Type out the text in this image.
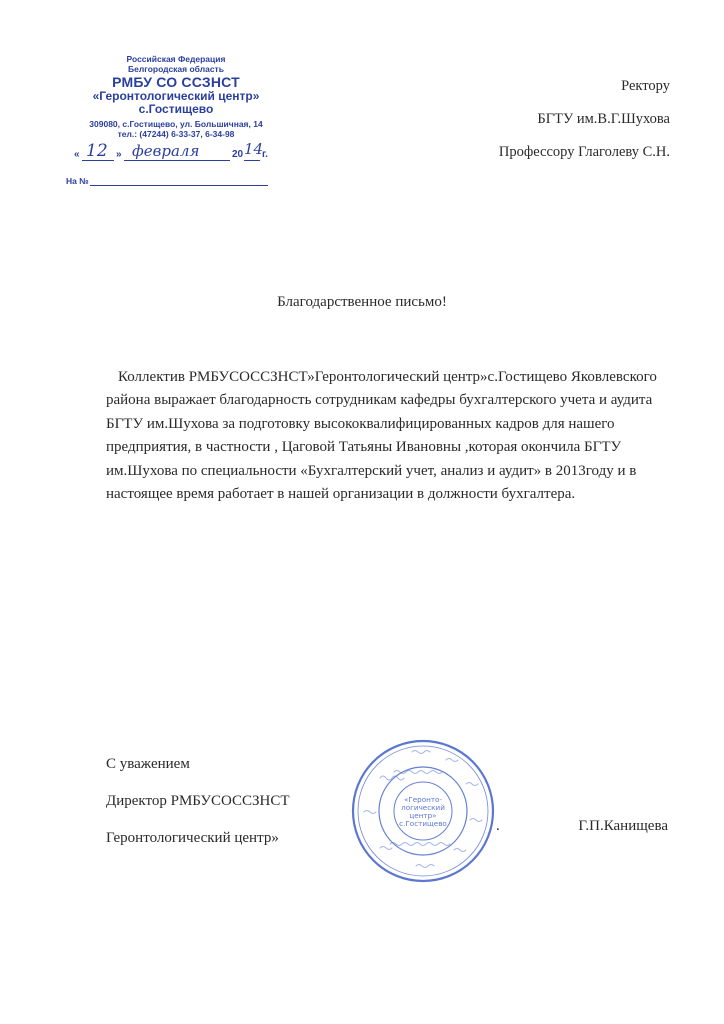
Российская Федерация
Белгородская область
РМБУ СО ССЗНСТ
«Геронтологический центр»
с.Гостищево
309080, с.Гостищево, ул. Большичная, 14
тел.: (47244) 6-33-37, 6-34-98
« 12 » февраля	20 14
г.
На №
Ректору
БГТУ им.В.Г.Шухова
Профессору Глаголеву С.Н.
Благодарственное письмо!

Коллектив РМБУСОССЗНСТ»Геронтологический центр»с.Гостищево Яковлевского района выражает благодарность сотрудникам кафедры бухгалтерского учета и аудита БГТУ им.Шухова за подготовку высококвалифицированных кадров для нашего предприятия, в частности , Цаговой Татьяны Ивановны ,которая окончила БГТУ им.Шухова по специальности «Бухгалтерский учет, анализ и аудит» в 2013году и в настоящее время работает в нашей организации в должности бухгалтера.

С уважением
Директор РМБУСОССЗНСТ
Геронтологический центр»
.	Г.П.Канищева
«Геронто-
логический
центр»
с.Гостищево
